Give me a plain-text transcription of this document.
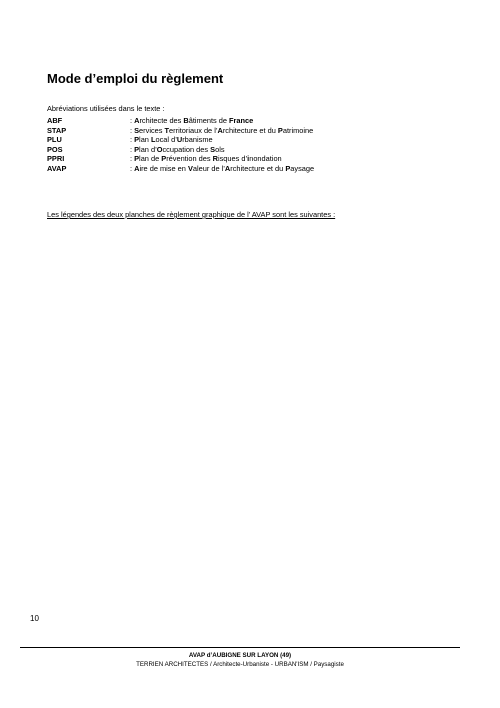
Mode d’emploi du règlement

Abréviations utilisées dans le texte :

ABF	: Architecte des Bâtiments de France
STAP	: Services Territoriaux de l’Architecture et du Patrimoine
PLU	: Plan Local d’Urbanisme
POS	: Plan d’Occupation des Sols
PPRI	: Plan de Prévention des Risques d’inondation
AVAP	: Aire de mise en Valeur de l’Architecture et du Paysage

Les légendes des deux planches de règlement graphique de l’ AVAP sont les suivantes :

10
AVAP d’AUBIGNE SUR LAYON (49)
TERRIEN ARCHITECTES / Architecte-Urbaniste - URBAN'ISM / Paysagiste
